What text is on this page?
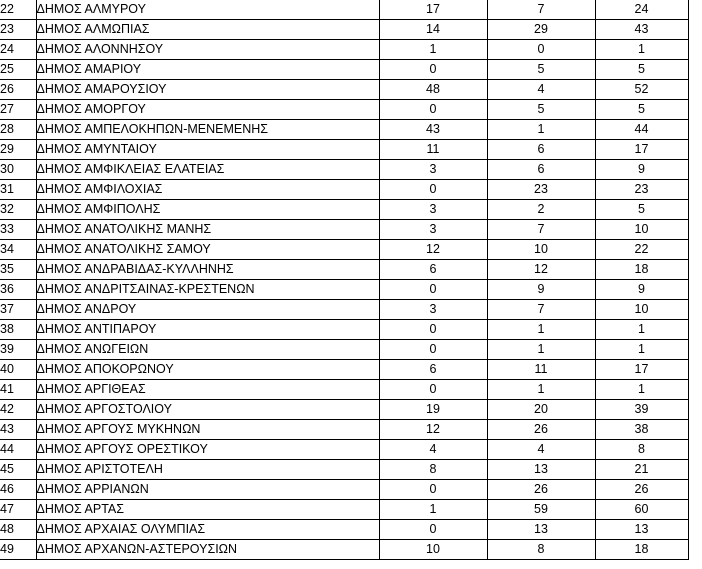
22	ΔΗΜΟΣ ΑΛΜΥΡΟΥ	17	7	24
23	ΔΗΜΟΣ ΑΛΜΩΠΙΑΣ	14	29	43
24	ΔΗΜΟΣ ΑΛΟΝΝΗΣΟΥ	1	0	1
25	ΔΗΜΟΣ ΑΜΑΡΙΟΥ	0	5	5
26	ΔΗΜΟΣ ΑΜΑΡΟΥΣΙΟΥ	48	4	52
27	ΔΗΜΟΣ ΑΜΟΡΓΟΥ	0	5	5
28	ΔΗΜΟΣ ΑΜΠΕΛΟΚΗΠΩΝ-ΜΕΝΕΜΕΝΗΣ	43	1	44
29	ΔΗΜΟΣ ΑΜΥΝΤΑΙΟΥ	11	6	17
30	ΔΗΜΟΣ ΑΜΦΙΚΛΕΙΑΣ ΕΛΑΤΕΙΑΣ	3	6	9
31	ΔΗΜΟΣ ΑΜΦΙΛΟΧΙΑΣ	0	23	23
32	ΔΗΜΟΣ ΑΜΦΙΠΟΛΗΣ	3	2	5
33	ΔΗΜΟΣ ΑΝΑΤΟΛΙΚΗΣ ΜΑΝΗΣ	3	7	10
34	ΔΗΜΟΣ ΑΝΑΤΟΛΙΚΗΣ ΣΑΜΟΥ	12	10	22
35	ΔΗΜΟΣ ΑΝΔΡΑΒΙΔΑΣ-ΚΥΛΛΗΝΗΣ	6	12	18
36	ΔΗΜΟΣ ΑΝΔΡΙΤΣΑΙΝΑΣ-ΚΡΕΣΤΕΝΩΝ	0	9	9
37	ΔΗΜΟΣ ΑΝΔΡΟΥ	3	7	10
38	ΔΗΜΟΣ ΑΝΤΙΠΑΡΟΥ	0	1	1
39	ΔΗΜΟΣ ΑΝΩΓΕΙΩΝ	0	1	1
40	ΔΗΜΟΣ ΑΠΟΚΟΡΩΝΟΥ	6	11	17
41	ΔΗΜΟΣ ΑΡΓΙΘΕΑΣ	0	1	1
42	ΔΗΜΟΣ ΑΡΓΟΣΤΟΛΙΟΥ	19	20	39
43	ΔΗΜΟΣ ΑΡΓΟΥΣ ΜΥΚΗΝΩΝ	12	26	38
44	ΔΗΜΟΣ ΑΡΓΟΥΣ ΟΡΕΣΤΙΚΟΥ	4	4	8
45	ΔΗΜΟΣ ΑΡΙΣΤΟΤΕΛΗ	8	13	21
46	ΔΗΜΟΣ ΑΡΡΙΑΝΩΝ	0	26	26
47	ΔΗΜΟΣ ΑΡΤΑΣ	1	59	60
48	ΔΗΜΟΣ ΑΡΧΑΙΑΣ ΟΛΥΜΠΙΑΣ	0	13	13
49	ΔΗΜΟΣ ΑΡΧΑΝΩΝ-ΑΣΤΕΡΟΥΣΙΩΝ	10	8	18
